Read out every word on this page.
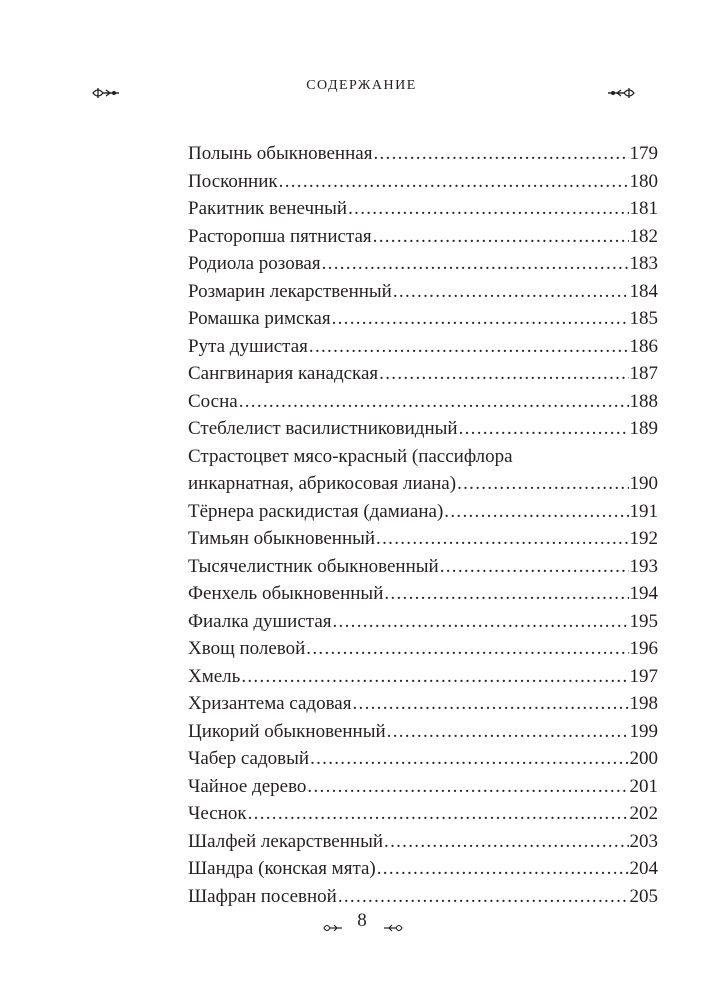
СОДЕРЖАНИЕ
Полынь обыкновенная .....	179
Посконник .....	180
Ракитник венечный .....	181
Расторопша пятнистая .....	182
Родиола розовая .....	183
Розмарин лекарственный .....	184
Ромашка римская .....	185
Рута душистая .....	186
Сангвинария канадская .....	187
Сосна .....	188
Стеблелист василистниковидный .....	189
Страстоцвет мясо-красный (пассифлора
инкарнатная, абрикосовая лиана) .....	190
Тёрнера раскидистая (дамиана) .....	191
Тимьян обыкновенный .....	192
Тысячелистник обыкновенный .....	193
Фенхель обыкновенный .....	194
Фиалка душистая .....	195
Хвощ полевой .....	196
Хмель .....	197
Хризантема садовая .....	198
Цикорий обыкновенный .....	199
Чабер садовый .....	200
Чайное дерево .....	201
Чеснок .....	202
Шалфей лекарственный .....	203
Шандра (конская мята) .....	204
Шафран посевной .....	205
8
